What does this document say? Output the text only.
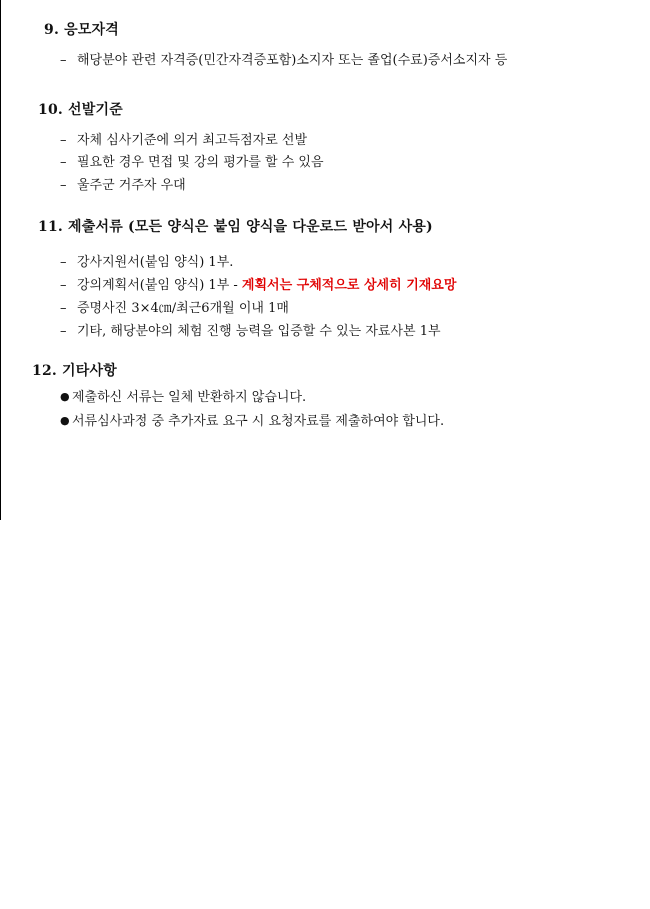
9. 응모자격
– 해당분야 관련 자격증(민간자격증포함)소지자 또는 졸업(수료)증서소지자 등
10. 선발기준
– 자체 심사기준에 의거 최고득점자로 선발
– 필요한 경우 면접 및 강의 평가를 할 수 있음
– 울주군 거주자 우대
11. 제출서류 (모든 양식은 붙임 양식을 다운로드 받아서 사용)
– 강사지원서(붙임 양식) 1부.
– 강의계획서(붙임 양식) 1부 - 계획서는 구체적으로 상세히 기재요망
– 증명사진 3×4㎝/최근6개월 이내 1매
– 기타, 해당분야의 체험 진행 능력을 입증할 수 있는 자료사본 1부
12. 기타사항
● 제출하신 서류는 일체 반환하지 않습니다.
● 서류심사과정 중 추가자료 요구 시 요청자료를 제출하여야 합니다.
